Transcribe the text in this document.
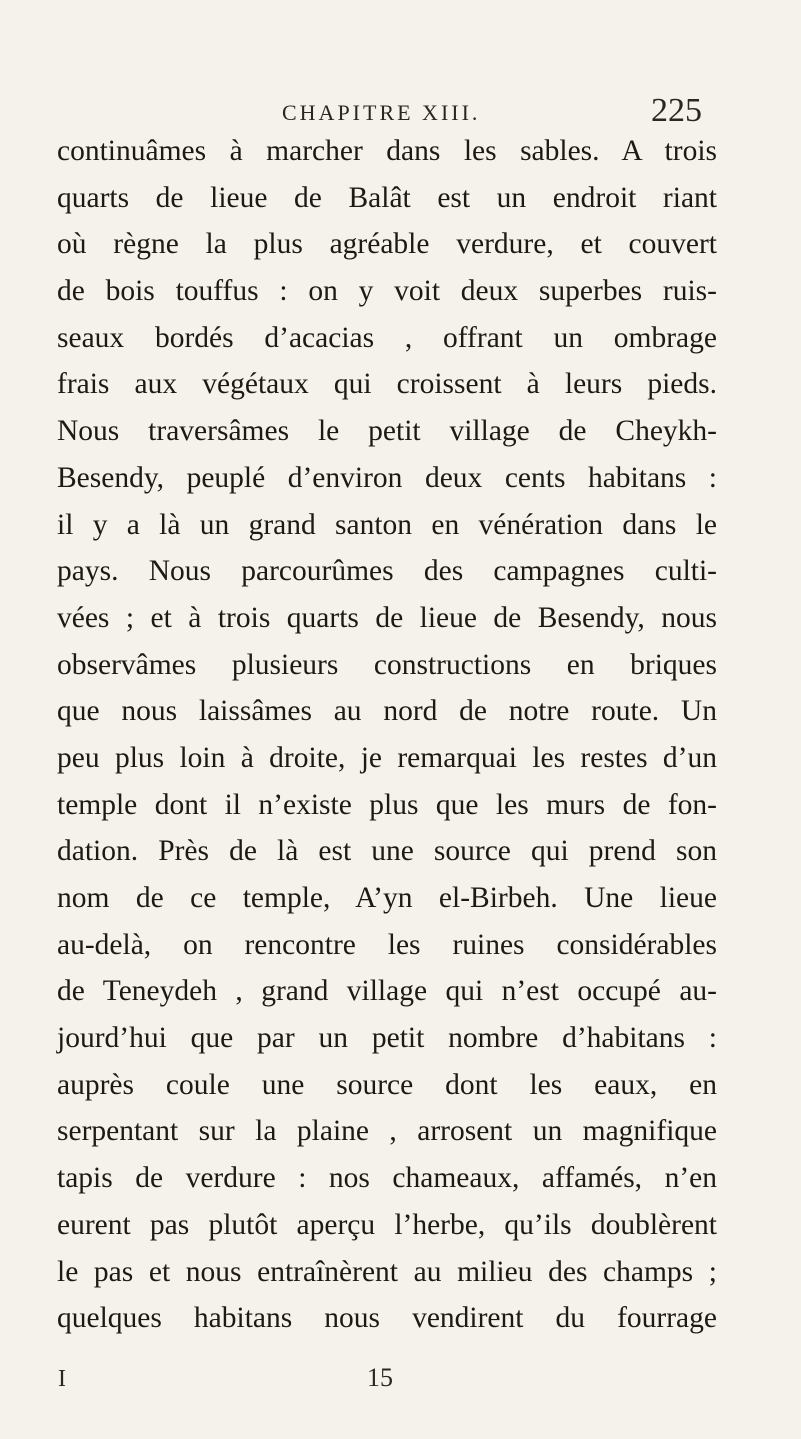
CHAPITRE XIII.	225
continuâmes à marcher dans les sables. A trois
quarts de lieue de Balât est un endroit riant
où règne la plus agréable verdure, et couvert
de bois touffus : on y voit deux superbes ruis-
seaux bordés d’acacias , offrant un ombrage
frais aux végétaux qui croissent à leurs pieds.
Nous traversâmes le petit village de Cheykh-
Besendy, peuplé d’environ deux cents habitans :
il y a là un grand santon en vénération dans le
pays. Nous parcourûmes des campagnes culti-
vées ; et à trois quarts de lieue de Besendy, nous
observâmes plusieurs constructions en briques
que nous laissâmes au nord de notre route. Un
peu plus loin à droite, je remarquai les restes d’un
temple dont il n’existe plus que les murs de fon-
dation. Près de là est une source qui prend son
nom de ce temple, A’yn el-Birbeh. Une lieue
au-delà, on rencontre les ruines considérables
de Teneydeh , grand village qui n’est occupé au-
jourd’hui que par un petit nombre d’habitans :
auprès coule une source dont les eaux, en
serpentant sur la plaine , arrosent un magnifique
tapis de verdure : nos chameaux, affamés, n’en
eurent pas plutôt aperçu l’herbe, qu’ils doublèrent
le pas et nous entraînèrent au milieu des champs ;
quelques habitans nous vendirent du fourrage
I	15
